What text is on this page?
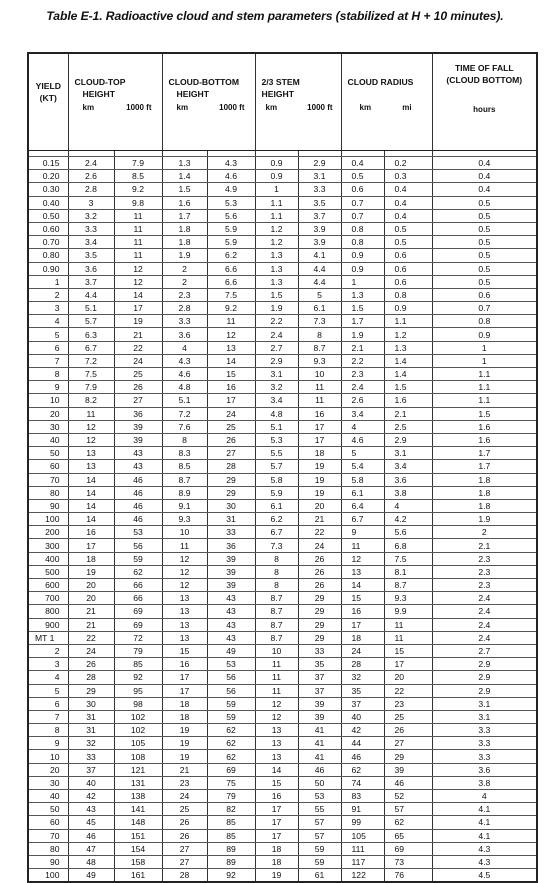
Table E-1. Radioactive cloud and stem parameters (stabilized at H + 10 minutes).
YIELD
(KT)	CLOUD-TOP
HEIGHT
km 1000 ft		CLOUD-BOTTOM
HEIGHT
km 1000 ft		2/3 STEM
HEIGHT
km 1000 ft		CLOUD RADIUS

km mi		TIME OF FALL
(CLOUD BOTTOM)

hours

0.15	2.4	7.9	1.3	4.3	0.9	2.9	0.4	0.2	0.4
0.20	2.6	8.5	1.4	4.6	0.9	3.1	0.5	0.3	0.4
0.30	2.8	9.2	1.5	4.9	1	3.3	0.6	0.4	0.4
0.40	3	9.8	1.6	5.3	1.1	3.5	0.7	0.4	0.5
0.50	3.2	11	1.7	5.6	1.1	3.7	0.7	0.4	0.5
0.60	3.3	11	1.8	5.9	1.2	3.9	0.8	0.5	0.5
0.70	3.4	11	1.8	5.9	1.2	3.9	0.8	0.5	0.5
0.80	3.5	11	1.9	6.2	1.3	4.1	0.9	0.6	0.5
0.90	3.6	12	2	6.6	1.3	4.4	0.9	0.6	0.5
1	3.7	12	2	6.6	1.3	4.4	1	0.6	0.5
2	4.4	14	2.3	7.5	1.5	5	1.3	0.8	0.6
3	5.1	17	2.8	9.2	1.9	6.1	1.5	0.9	0.7
4	5.7	19	3.3	11	2.2	7.3	1.7	1.1	0.8
5	6.3	21	3.6	12	2.4	8	1.9	1.2	0.9
6	6.7	22	4	13	2.7	8.7	2.1	1.3	1
7	7.2	24	4.3	14	2.9	9.3	2.2	1.4	1
8	7.5	25	4.6	15	3.1	10	2.3	1.4	1.1
9	7.9	26	4.8	16	3.2	11	2.4	1.5	1.1
10	8.2	27	5.1	17	3.4	11	2.6	1.6	1.1
20	11	36	7.2	24	4.8	16	3.4	2.1	1.5
30	12	39	7.6	25	5.1	17	4	2.5	1.6
40	12	39	8	26	5.3	17	4.6	2.9	1.6
50	13	43	8.3	27	5.5	18	5	3.1	1.7
60	13	43	8.5	28	5.7	19	5.4	3.4	1.7
70	14	46	8.7	29	5.8	19	5.8	3.6	1.8
80	14	46	8.9	29	5.9	19	6.1	3.8	1.8
90	14	46	9.1	30	6.1	20	6.4	4	1.8
100	14	46	9.3	31	6.2	21	6.7	4.2	1.9
200	16	53	10	33	6.7	22	9	5.6	2
300	17	56	11	36	7.3	24	11	6.8	2.1
400	18	59	12	39	8	26	12	7.5	2.3
500	19	62	12	39	8	26	13	8.1	2.3
600	20	66	12	39	8	26	14	8.7	2.3
700	20	66	13	43	8.7	29	15	9.3	2.4
800	21	69	13	43	8.7	29	16	9.9	2.4
900	21	69	13	43	8.7	29	17	11	2.4
MT 1	22	72	13	43	8.7	29	18	11	2.4
2	24	79	15	49	10	33	24	15	2.7
3	26	85	16	53	11	35	28	17	2.9
4	28	92	17	56	11	37	32	20	2.9
5	29	95	17	56	11	37	35	22	2.9
6	30	98	18	59	12	39	37	23	3.1
7	31	102	18	59	12	39	40	25	3.1
8	31	102	19	62	13	41	42	26	3.3
9	32	105	19	62	13	41	44	27	3.3
10	33	108	19	62	13	41	46	29	3.3
20	37	121	21	69	14	46	62	39	3.6
30	40	131	23	75	15	50	74	46	3.8
40	42	138	24	79	16	53	83	52	4
50	43	141	25	82	17	55	91	57	4.1
60	45	148	26	85	17	57	99	62	4.1
70	46	151	26	85	17	57	105	65	4.1
80	47	154	27	89	18	59	111	69	4.3
90	48	158	27	89	18	59	117	73	4.3
100	49	161	28	92	19	61	122	76	4.5
